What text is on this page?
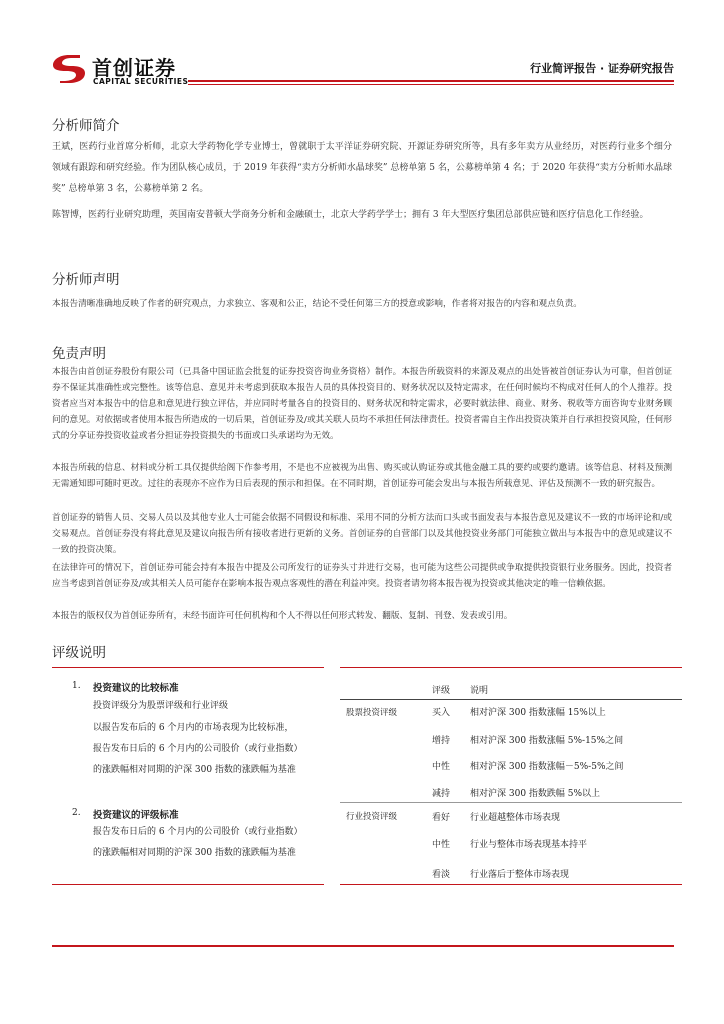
首创证券
CAPITAL SECURITIES
行业简评报告 · 证券研究报告
分析师简介

王斌，医药行业首席分析师，北京大学药物化学专业博士，曾就职于太平洋证券研究院、开源证券研究所等，具有多年卖方从业经历，对医药行业多个细分领域有跟踪和研究经验。作为团队核心成员，于 2019 年获得“卖方分析师水晶球奖” 总榜单第 5 名，公募榜单第 4 名；于 2020 年获得“卖方分析师水晶球奖” 总榜单第 3 名，公募榜单第 2 名。

陈智博，医药行业研究助理，英国南安普顿大学商务分析和金融硕士，北京大学药学学士；拥有 3 年大型医疗集团总部供应链和医疗信息化工作经验。

分析师声明

本报告清晰准确地反映了作者的研究观点，力求独立、客观和公正，结论不受任何第三方的授意或影响，作者将对报告的内容和观点负责。

免责声明

本报告由首创证券股份有限公司（已具备中国证监会批复的证券投资咨询业务资格）制作。本报告所载资料的来源及观点的出处皆被首创证券认为可靠，但首创证券不保证其准确性或完整性。该等信息、意见并未考虑到获取本报告人员的具体投资目的、财务状况以及特定需求，在任何时候均不构成对任何人的个人推荐。投资者应当对本报告中的信息和意见进行独立评估，并应同时考量各自的投资目的、财务状况和特定需求，必要时就法律、商业、财务、税收等方面咨询专业财务顾问的意见。对依据或者使用本报告所造成的一切后果，首创证券及/或其关联人员均不承担任何法律责任。投资者需自主作出投资决策并自行承担投资风险，任何形式的分享证券投资收益或者分担证券投资损失的书面或口头承诺均为无效。

本报告所载的信息、材料或分析工具仅提供给阁下作参考用，不是也不应被视为出售、购买或认购证券或其他金融工具的要约或要约邀请。该等信息、材料及预测无需通知即可随时更改。过往的表现亦不应作为日后表现的预示和担保。在不同时期，首创证券可能会发出与本报告所载意见、评估及预测不一致的研究报告。

首创证券的销售人员、交易人员以及其他专业人士可能会依据不同假设和标准、采用不同的分析方法而口头或书面发表与本报告意见及建议不一致的市场评论和/或交易观点。首创证券没有将此意见及建议向报告所有接收者进行更新的义务。首创证券的自营部门以及其他投资业务部门可能独立做出与本报告中的意见或建议不一致的投资决策。

在法律许可的情况下，首创证券可能会持有本报告中提及公司所发行的证券头寸并进行交易，也可能为这些公司提供或争取提供投资银行业务服务。因此，投资者应当考虑到首创证券及/或其相关人员可能存在影响本报告观点客观性的潜在利益冲突。投资者请勿将本报告视为投资或其他决定的唯一信赖依据。

本报告的版权仅为首创证券所有，未经书面许可任何机构和个人不得以任何形式转发、翻版、复制、刊登、发表或引用。

评级说明
1. 投资建议的比较标准
投资评级分为股票评级和行业评级
以报告发布后的 6 个月内的市场表现为比较标准，报告发布日后的 6 个月内的公司股价（或行业指数）的涨跌幅相对同期的沪深 300 指数的涨跌幅为基准
2. 投资建议的评级标准
报告发布日后的 6 个月内的公司股价（或行业指数）的涨跌幅相对同期的沪深 300 指数的涨跌幅为基准
评级 说明
股票投资评级	买入 相对沪深 300 指数涨幅 15%以上
增持 相对沪深 300 指数涨幅 5%-15%之间
中性 相对沪深 300 指数涨幅－5%-5%之间
减持 相对沪深 300 指数跌幅 5%以上
行业投资评级	看好 行业超越整体市场表现
中性 行业与整体市场表现基本持平
看淡 行业落后于整体市场表现
